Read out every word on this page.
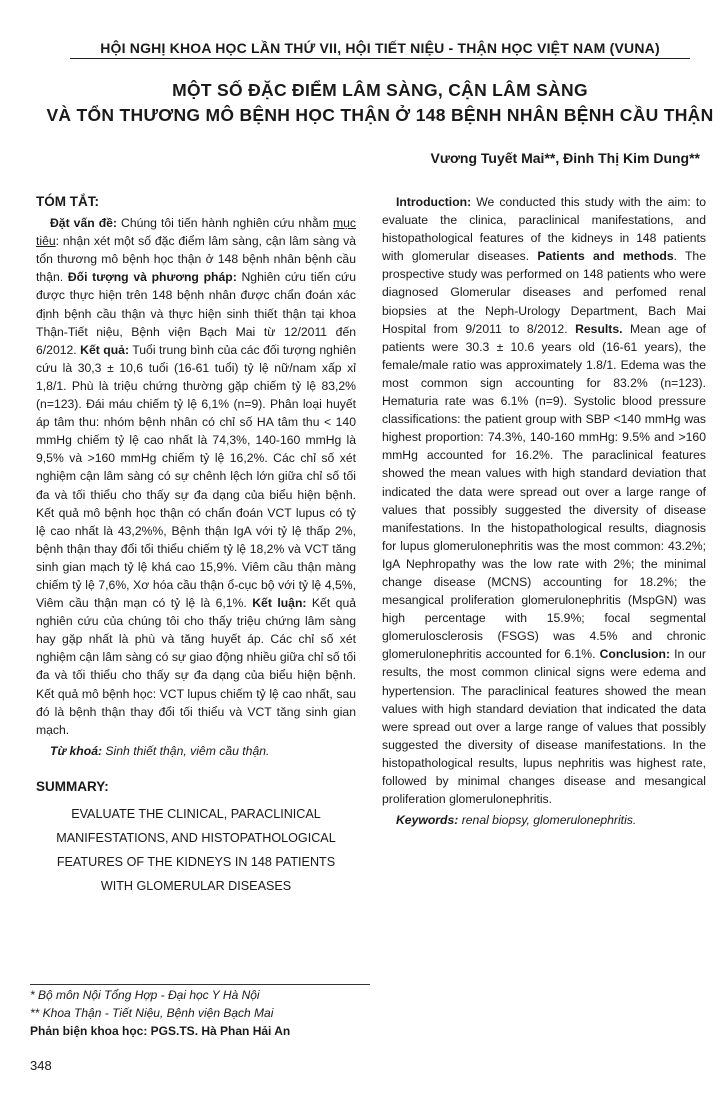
HỘI NGHỊ KHOA HỌC LẦN THỨ VII, HỘI TIẾT NIỆU - THẬN HỌC VIỆT NAM (VUNA)
MỘT SỐ ĐẶC ĐIỂM LÂM SÀNG, CẬN LÂM SÀNG
VÀ TỔN THƯƠNG MÔ BỆNH HỌC THẬN Ở 148 BỆNH NHÂN BỆNH CẦU THẬN
Vương Tuyết Mai**, Đinh Thị Kim Dung**
TÓM TẮT:

Đặt vấn đề: Chúng tôi tiến hành nghiên cứu nhằm mục tiêu: nhận xét một số đặc điểm lâm sàng, cận lâm sàng và tổn thương mô bệnh học thận ở 148 bệnh nhân bệnh cầu thận. Đối tượng và phương pháp: Nghiên cứu tiến cứu được thực hiện trên 148 bệnh nhân được chẩn đoán xác định bệnh cầu thận và thực hiện sinh thiết thận tại khoa Thận-Tiết niệu, Bệnh viện Bạch Mai từ 12/2011 đến 6/2012. Kết quả: Tuổi trung bình của các đối tượng nghiên cứu là 30,3 ± 10,6 tuổi (16-61 tuổi) tỷ lệ nữ/nam xấp xỉ 1,8/1. Phù là triệu chứng thường gặp chiếm tỷ lệ 83,2% (n=123). Đái máu chiếm tỷ lệ 6,1% (n=9). Phân loại huyết áp tâm thu: nhóm bệnh nhân có chỉ số HA tâm thu < 140 mmHg chiếm tỷ lệ cao nhất là 74,3%, 140-160 mmHg là 9,5% và >160 mmHg chiếm tỷ lệ 16,2%. Các chỉ số xét nghiệm cận lâm sàng có sự chênh lệch lớn giữa chỉ số tối đa và tối thiểu cho thấy sự đa dạng của biểu hiện bệnh. Kết quả mô bệnh học thận có chẩn đoán VCT lupus có tỷ lệ cao nhất là 43,2%%, Bệnh thận IgA với tỷ lệ thấp 2%, bệnh thận thay đổi tối thiểu chiếm tỷ lệ 18,2% và VCT tăng sinh gian mạch tỷ lệ khá cao 15,9%. Viêm cầu thận màng chiếm tỷ lệ 7,6%, Xơ hóa cầu thận ổ-cục bộ với tỷ lệ 4,5%, Viêm cầu thận mạn có tỷ lệ là 6,1%. Kết luận: Kết quả nghiên cứu của chúng tôi cho thấy triệu chứng lâm sàng hay gặp nhất là phù và tăng huyết áp. Các chỉ số xét nghiệm cận lâm sàng có sự giao động nhiều giữa chỉ số tối đa và tối thiểu cho thấy sự đa dạng của biểu hiện bệnh. Kết quả mô bệnh học: VCT lupus chiếm tỷ lệ cao nhất, sau đó là bệnh thận thay đổi tối thiểu và VCT tăng sinh gian mạch.

Từ khoá: Sinh thiết thận, viêm cầu thận.

SUMMARY:
EVALUATE THE CLINICAL, PARACLINICAL MANIFESTATIONS, AND HISTOPATHOLOGICAL FEATURES OF THE KIDNEYS IN 148 PATIENTS WITH GLOMERULAR DISEASES

Introduction: We conducted this study with the aim: to evaluate the clinica, paraclinical manifestations, and histopathological features of the kidneys in 148 patients with glomerular diseases. Patients and methods. The prospective study was performed on 148 patients who were diagnosed Glomerular diseases and perfomed renal biopsies at the Neph-Urology Department, Bach Mai Hospital from 9/2011 to 8/2012. Results. Mean age of patients were 30.3 ± 10.6 years old (16-61 years), the female/male ratio was approximately 1.8/1. Edema was the most common sign accounting for 83.2% (n=123). Hematuria rate was 6.1% (n=9). Systolic blood pressure classifications: the patient group with SBP <140 mmHg was highest proportion: 74.3%, 140-160 mmHg: 9.5% and >160 mmHg accounted for 16.2%. The paraclinical features showed the mean values with high standard deviation that indicated the data were spread out over a large range of values that possibly suggested the diversity of disease manifestations. In the histopathological results, diagnosis for lupus glomerulonephritis was the most common: 43.2%; IgA Nephropathy was the low rate with 2%; the minimal change disease (MCNS) accounting for 18.2%; the mesangical proliferation glomerulonephritis (MspGN) was high percentage with 15.9%; focal segmental glomerulosclerosis (FSGS) was 4.5% and chronic glomerulonephritis accounted for 6.1%. Conclusion: In our results, the most common clinical signs were edema and hypertension. The paraclinical features showed the mean values with high standard deviation that indicated the data were spread out over a large range of values that possibly suggested the diversity of disease manifestations. In the histopathological results, lupus nephritis was highest rate, followed by minimal changes disease and mesangical proliferation glomerulonephritis.

Keywords: renal biopsy, glomerulonephritis.

* Bộ môn Nội Tổng Hợp - Đại học Y Hà Nội
** Khoa Thận - Tiết Niệu, Bệnh viện Bạch Mai
Phản biện khoa học: PGS.TS. Hà Phan Hải An
348
